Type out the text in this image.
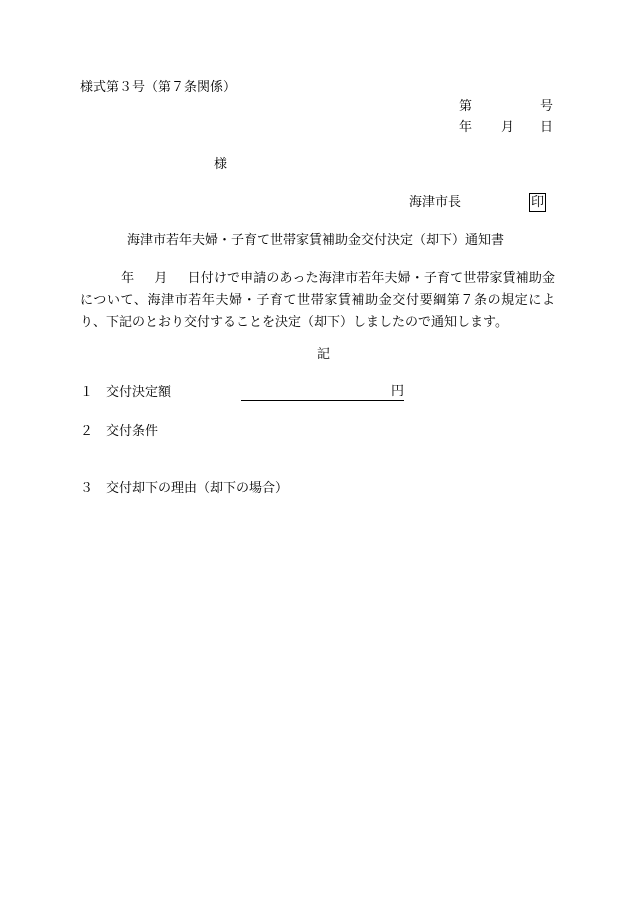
様式第３号（第７条関係）
第	号
年 月 日
様
海津市長	印
海津市若年夫婦・子育て世帯家賃補助金交付決定（却下）通知書
年 月 日付けで申請のあった海津市若年夫婦・子育て世帯家賃補助金について、海津市若年夫婦・子育て世帯家賃補助金交付要綱第７条の規定により、下記のとおり交付することを決定（却下）しましたので通知します。
記
１ 交付決定額	円
２ 交付条件
３ 交付却下の理由（却下の場合）
